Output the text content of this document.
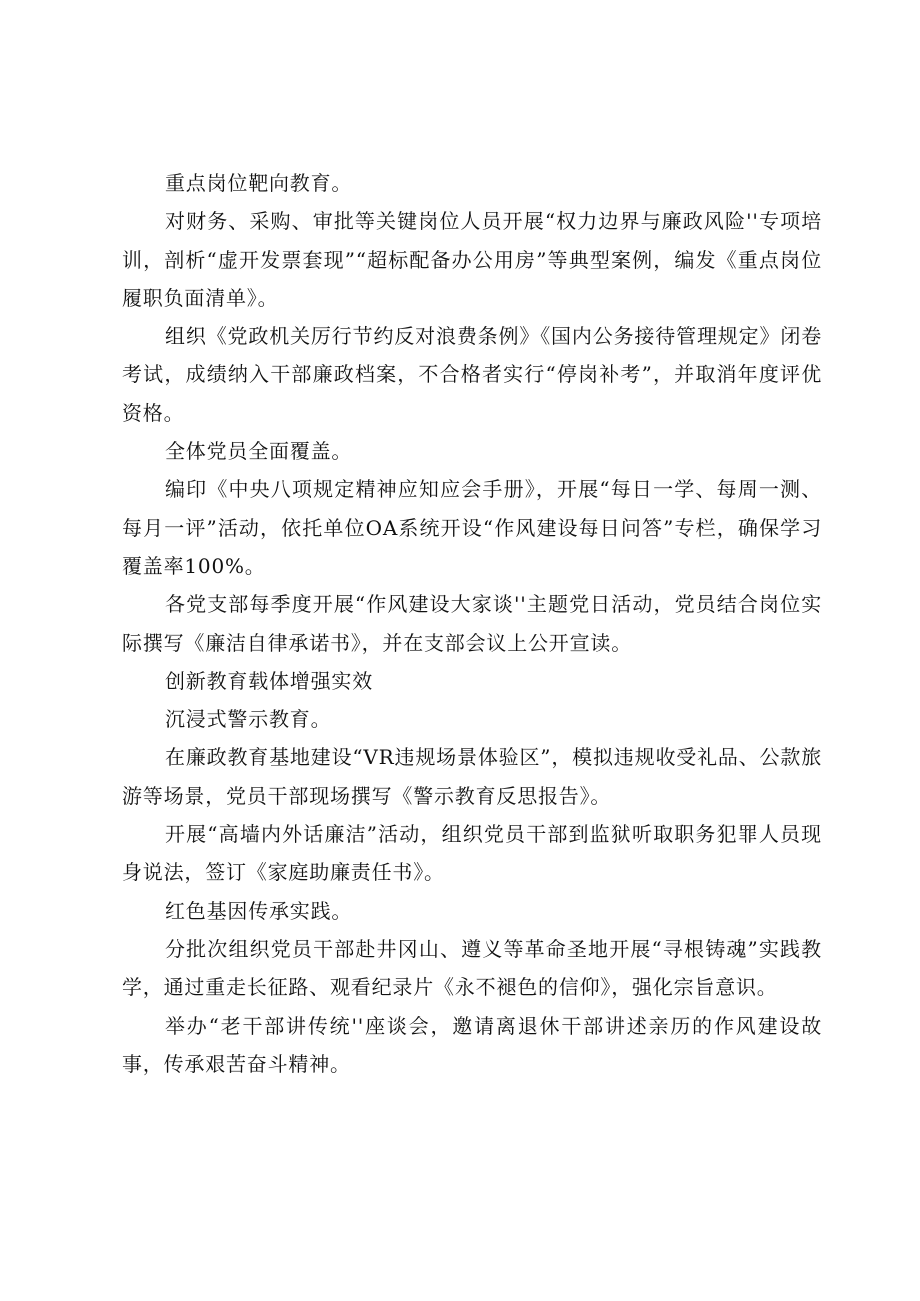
重点岗位靶向教育。

对财务、采购、审批等关键岗位人员开展“权力边界与廉政风险''专项培训，剖析“虚开发票套现”“超标配备办公用房”等典型案例，编发《重点岗位履职负面清单》。

组织《党政机关厉行节约反对浪费条例》《国内公务接待管理规定》闭卷考试，成绩纳入干部廉政档案，不合格者实行“停岗补考”，并取消年度评优资格。

全体党员全面覆盖。

编印《中央八项规定精神应知应会手册》，开展“每日一学、每周一测、每月一评”活动，依托单位OA系统开设“作风建设每日问答”专栏，确保学习覆盖率100%。

各党支部每季度开展“作风建设大家谈''主题党日活动，党员结合岗位实际撰写《廉洁自律承诺书》，并在支部会议上公开宣读。

创新教育载体增强实效

沉浸式警示教育。

在廉政教育基地建设“VR违规场景体验区”，模拟违规收受礼品、公款旅游等场景，党员干部现场撰写《警示教育反思报告》。

开展“高墙内外话廉洁”活动，组织党员干部到监狱听取职务犯罪人员现身说法，签订《家庭助廉责任书》。

红色基因传承实践。

分批次组织党员干部赴井冈山、遵义等革命圣地开展“寻根铸魂”实践教学，通过重走长征路、观看纪录片《永不褪色的信仰》，强化宗旨意识。

举办“老干部讲传统''座谈会，邀请离退休干部讲述亲历的作风建设故事，传承艰苦奋斗精神。
